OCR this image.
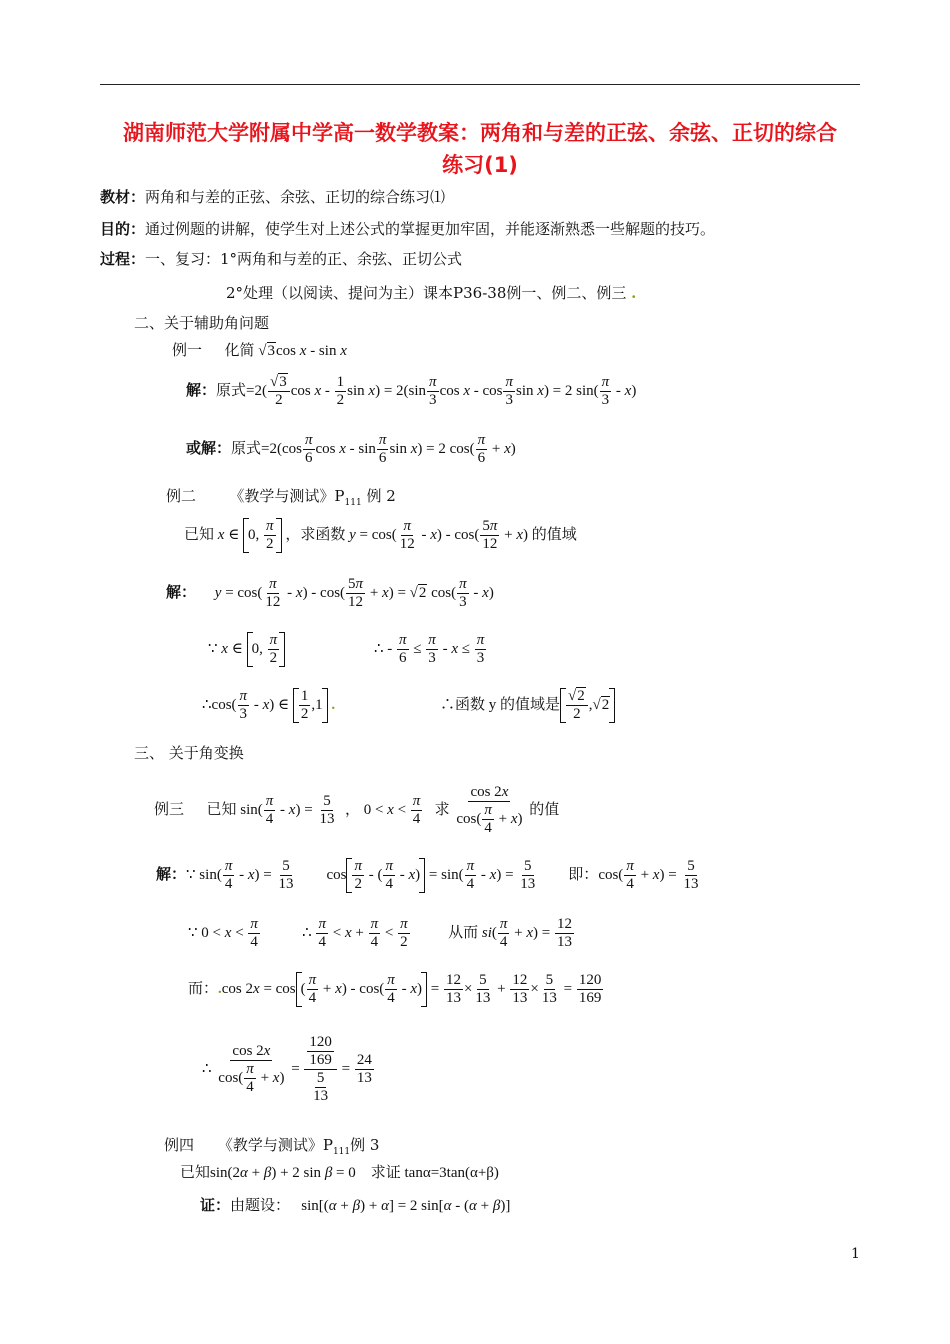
湖南师范大学附属中学高一数学教案：两角和与差的正弦、余弦、正切的综合
练习(1)
教材：两角和与差的正弦、余弦、正切的综合练习⑴
目的：通过例题的讲解，使学生对上述公式的掌握更加牢固，并能逐渐熟悉一些解题的技巧。
过程：一、复习：1°两角和与差的正、余弦、正切公式
2°处理（以阅读、提问为主）课本P36-38例一、例二、例三 .
二、关于辅助角问题
例一 化简 √3cos x - sin x
解：原式$=2( \frac{√3}{2}$ cos x - $\frac{1}{2}$ $\sin x) = 2(\sin \frac{\pi}{3}$ cos x - $\cos \frac{\pi}{3}$ sin x) = 2 $\sin( \frac{\pi}{3} - x)$
或解：原式$=2(\cos \frac{\pi}{6}$ cos x - $\sin \frac{\pi}{6}$ sin x) = 2 $\cos( \frac{\pi}{6} + x)$
例二 《教学与测试》$P_{111}$ 例 2
已知 x ∈ 0, $\frac{\pi}{2}$ ，求函数 $y = \cos( \frac{\pi}{12} - x) - \cos( \frac{5\pi}{12} + x)$ 的值域
解： $y = \cos( \frac{\pi}{12} - x) - \cos( \frac{5\pi}{12} + x) = √2$ $\cos( \frac{\pi}{3} - x)$
∵ x ∈ 0, $\frac{\pi}{2}$	∴ - $\frac{\pi}{6} \le \frac{\pi}{3} - x \le \frac{\pi}{3}$
∴cos( $\frac{\pi}{3} - x$) ∈ $\frac{1}{2} ,1$ .	∴函数 y 的值域是 $\frac{√2}{2} ,√2$
三、 关于角变换
例三 已知 $\sin( \frac{\pi}{4} - x) = \frac{5}{13}$ ， $0 < x < \frac{\pi}{4}$ 求 $\frac{\cos 2x}{\cos( \frac{\pi}{4} + x)}$ 的值
解：∵ $\sin( \frac{\pi}{4} - x) = \frac{5}{13}$ $\cos \frac{\pi}{2}$ - ( $\frac{\pi}{4} - x) = \sin( \frac{\pi}{4} - x) = \frac{5}{13}$ 即：$\cos( \frac{\pi}{4} + x) = \frac{5}{13}$
∵ $0 < x < \frac{\pi}{4}$ ∴ $\frac{\pi}{4} < x + \frac{\pi}{4} < \frac{\pi}{2}$	从而 $si( \frac{\pi}{4} + x) = \frac{12}{13}$
而：.cos 2x = cos ( $\frac{\pi}{4} + x) - \cos( \frac{\pi}{4} - x) = \frac{12}{13} \times \frac{5}{13} + \frac{12}{13} \times \frac{5}{13} = \frac{120}{169}$
∴ $\frac{\cos 2x}{\cos( \frac{\pi}{4} + x)} = \frac{\frac{120}{169}}{\frac{5}{13}} = \frac{24}{13}$
例四 《教学与测试》$P_{111}$例 3
已知sin(2α + β) + 2 sin β = 0    求证 tanα=3tan(α+β)
证：由题设：   sin[(α + β) + α] = 2 sin[α - (α + β)]
1
